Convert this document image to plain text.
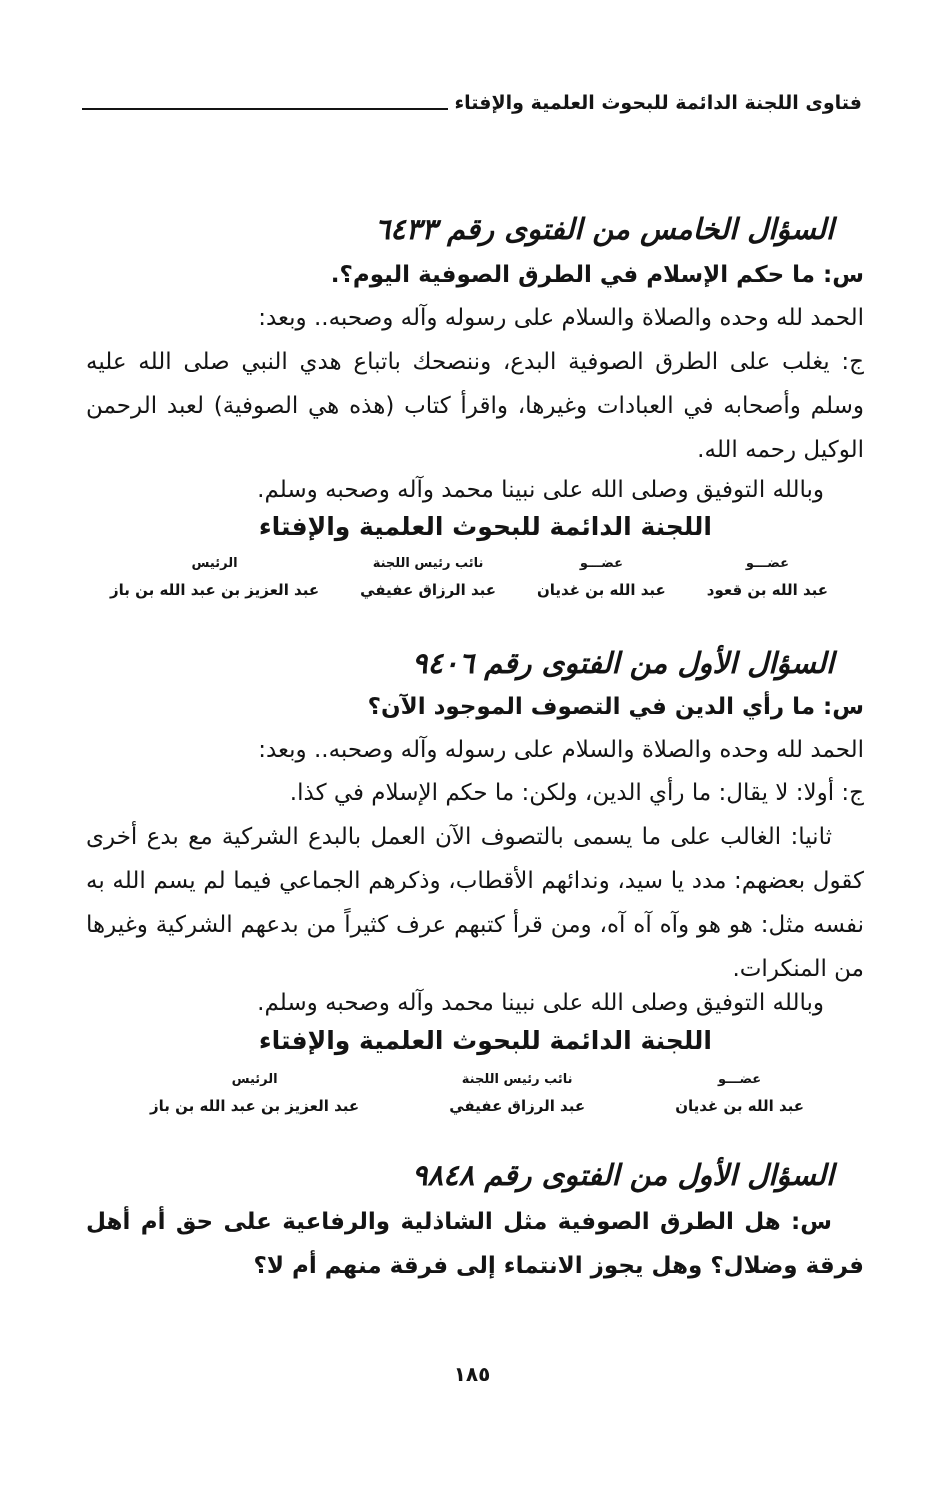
فتاوى اللجنة الدائمة للبحوث العلمية والإفتاء
السؤال الخامس من الفتوى رقم ٦٤٣٣
س: ما حكم الإسلام في الطرق الصوفية اليوم؟.
الحمد لله وحده والصلاة والسلام على رسوله وآله وصحبه.. وبعد:
ج: يغلب على الطرق الصوفية البدع، وننصحك باتباع هدي النبي صلى الله عليه وسلم وأصحابه في العبادات وغيرها، واقرأ كتاب (هذه هي الصوفية) لعبد الرحمن الوكيل رحمه الله.
وبالله التوفيق وصلى الله على نبينا محمد وآله وصحبه وسلم.
اللجنة الدائمة للبحوث العلمية والإفتاء
عضـــو
عبد الله بن قعود
عضـــو
عبد الله بن غديان
نائب رئيس اللجنة
عبد الرزاق عفيفي
الرئيس
عبد العزيز بن عبد الله بن باز
السؤال الأول من الفتوى رقم ٩٤٠٦
س: ما رأي الدين في التصوف الموجود الآن؟
الحمد لله وحده والصلاة والسلام على رسوله وآله وصحبه.. وبعد:
ج: أولا: لا يقال: ما رأي الدين، ولكن: ما حكم الإسلام في كذا.
ثانيا: الغالب على ما يسمى بالتصوف الآن العمل بالبدع الشركية مع بدع أخرى كقول بعضهم: مدد يا سيد، وندائهم الأقطاب، وذكرهم الجماعي فيما لم يسم الله به نفسه مثل: هو هو وآه آه آه، ومن قرأ كتبهم عرف كثيراً من بدعهم الشركية وغيرها من المنكرات.
وبالله التوفيق وصلى الله على نبينا محمد وآله وصحبه وسلم.
اللجنة الدائمة للبحوث العلمية والإفتاء
عضـــو
عبد الله بن غديان
نائب رئيس اللجنة
عبد الرزاق عفيفي
الرئيس
عبد العزيز بن عبد الله بن باز
السؤال الأول من الفتوى رقم ٩٨٤٨
س: هل الطرق الصوفية مثل الشاذلية والرفاعية على حق أم أهل فرقة وضلال؟ وهل يجوز الانتماء إلى فرقة منهم أم لا؟
١٨٥
